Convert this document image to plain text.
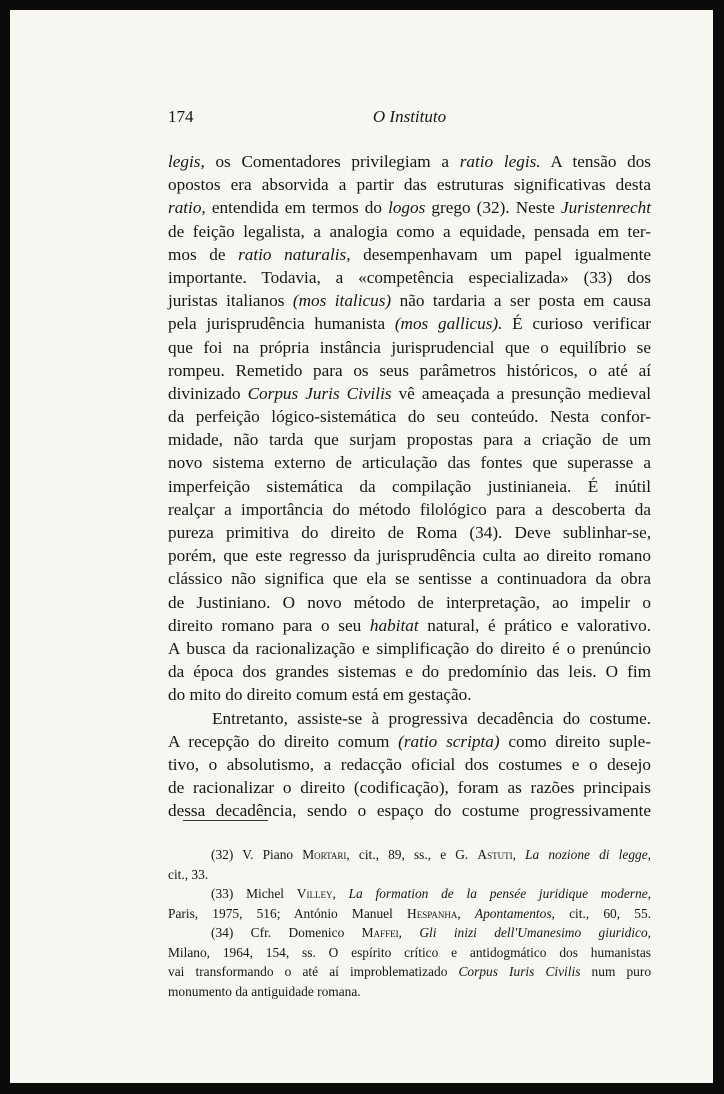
174	O Instituto
legis, os Comentadores privilegiam a ratio legis. A tensão dos
opostos era absorvida a partir das estruturas significativas desta
ratio, entendida em termos do logos grego (32). Neste Juristenrecht
de feição legalista, a analogia como a equidade, pensada em ter-
mos de ratio naturalis, desempenhavam um papel igualmente
importante. Todavia, a «competência especializada» (33) dos
juristas italianos (mos italicus) não tardaria a ser posta em causa
pela jurisprudência humanista (mos gallicus). É curioso verificar
que foi na própria instância jurisprudencial que o equilíbrio se
rompeu. Remetido para os seus parâmetros históricos, o até aí
divinizado Corpus Juris Civilis vê ameaçada a presunção medieval
da perfeição lógico-sistemática do seu conteúdo. Nesta confor-
midade, não tarda que surjam propostas para a criação de um
novo sistema externo de articulação das fontes que superasse a
imperfeição sistemática da compilação justinianeia. É inútil
realçar a importância do método filológico para a descoberta da
pureza primitiva do direito de Roma (34). Deve sublinhar-se,
porém, que este regresso da jurisprudência culta ao direito romano
clássico não significa que ela se sentisse a continuadora da obra
de Justiniano. O novo método de interpretação, ao impelir o
direito romano para o seu habitat natural, é prático e valorativo.
A busca da racionalização e simplificação do direito é o prenúncio
da época dos grandes sistemas e do predomínio das leis. O fim
do mito do direito comum está em gestação.
Entretanto, assiste-se à progressiva decadência do costume.
A recepção do direito comum (ratio scripta) como direito suple-
tivo, o absolutismo, a redacção oficial dos costumes e o desejo
de racionalizar o direito (codificação), foram as razões principais
dessa decadência, sendo o espaço do costume progressivamente
(32) V. Piano Mortari, cit., 89, ss., e G. Astuti, La nozione di legge,
cit., 33.
(33) Michel Villey, La formation de la pensée juridique moderne,
Paris, 1975, 516; António Manuel Hespanha, Apontamentos, cit., 60, 55.
(34) Cfr. Domenico Maffei, Gli inizi dell'Umanesimo giuridico,
Milano, 1964, 154, ss. O espírito crítico e antidogmático dos humanistas
vai transformando o até aí improblematizado Corpus Iuris Civilis num puro
monumento da antiguidade romana.
